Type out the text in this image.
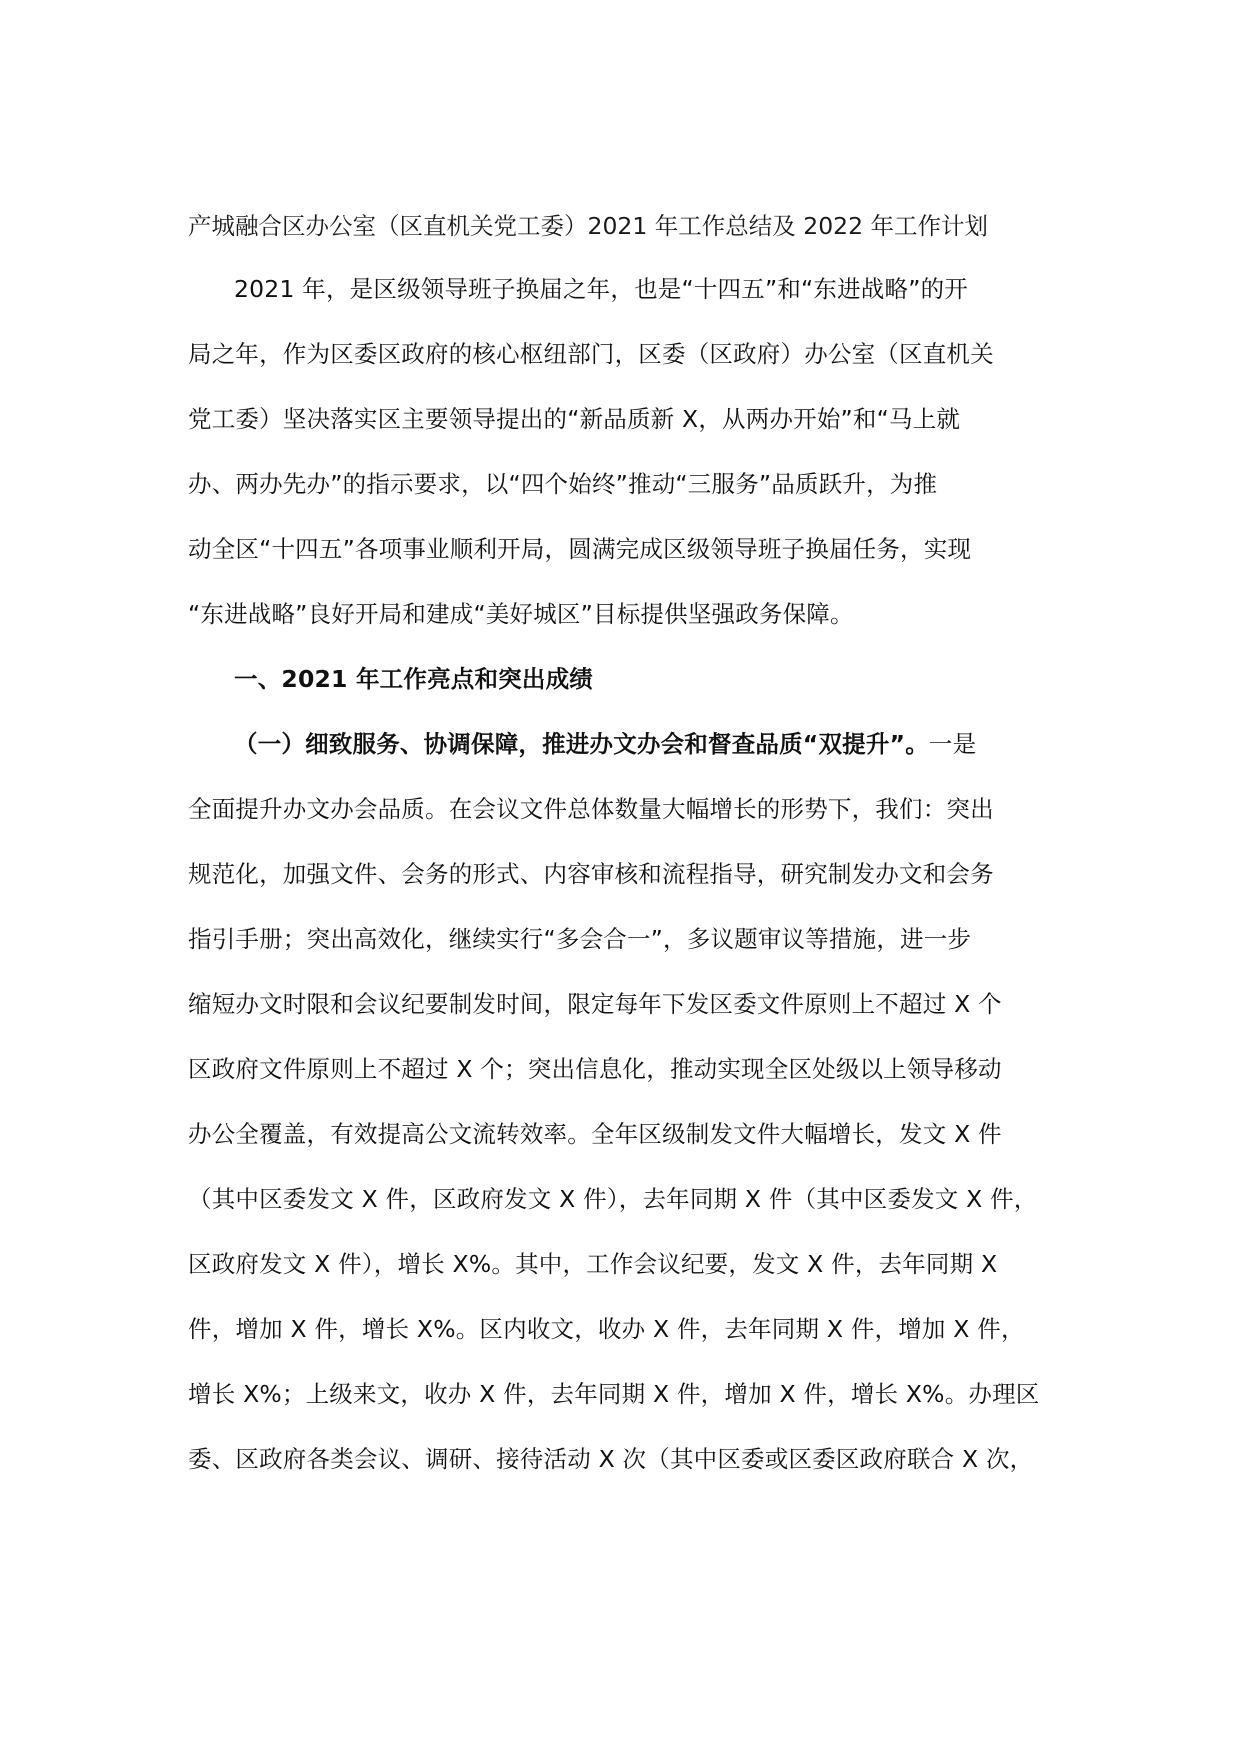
产城融合区办公室（区直机关党工委）2021 年工作总结及 2022 年工作计划
2021 年，是区级领导班子换届之年，也是“十四五”和“东进战略”的开
局之年，作为区委区政府的核心枢纽部门，区委（区政府）办公室（区直机关
党工委）坚决落实区主要领导提出的“新品质新 X，从两办开始”和“马上就
办、两办先办”的指示要求，以“四个始终”推动“三服务”品质跃升，为推
动全区“十四五”各项事业顺利开局，圆满完成区级领导班子换届任务，实现
“东进战略”良好开局和建成“美好城区”目标提供坚强政务保障。
一、2021 年工作亮点和突出成绩
（一）细致服务、协调保障，推进办文办会和督查品质“双提升”。一是
全面提升办文办会品质。在会议文件总体数量大幅增长的形势下，我们：突出
规范化，加强文件、会务的形式、内容审核和流程指导，研究制发办文和会务
指引手册；突出高效化，继续实行“多会合一”，多议题审议等措施，进一步
缩短办文时限和会议纪要制发时间，限定每年下发区委文件原则上不超过 X 个
区政府文件原则上不超过 X 个；突出信息化，推动实现全区处级以上领导移动
办公全覆盖，有效提高公文流转效率。全年区级制发文件大幅增长，发文 X 件
（其中区委发文 X 件，区政府发文 X 件），去年同期 X 件（其中区委发文 X 件，
区政府发文 X 件），增长 X%。其中，工作会议纪要，发文 X 件，去年同期 X
件，增加 X 件，增长 X%。区内收文，收办 X 件，去年同期 X 件，增加 X 件，
增长 X%；上级来文，收办 X 件，去年同期 X 件，增加 X 件，增长 X%。办理区
委、区政府各类会议、调研、接待活动 X 次（其中区委或区委区政府联合 X 次，
